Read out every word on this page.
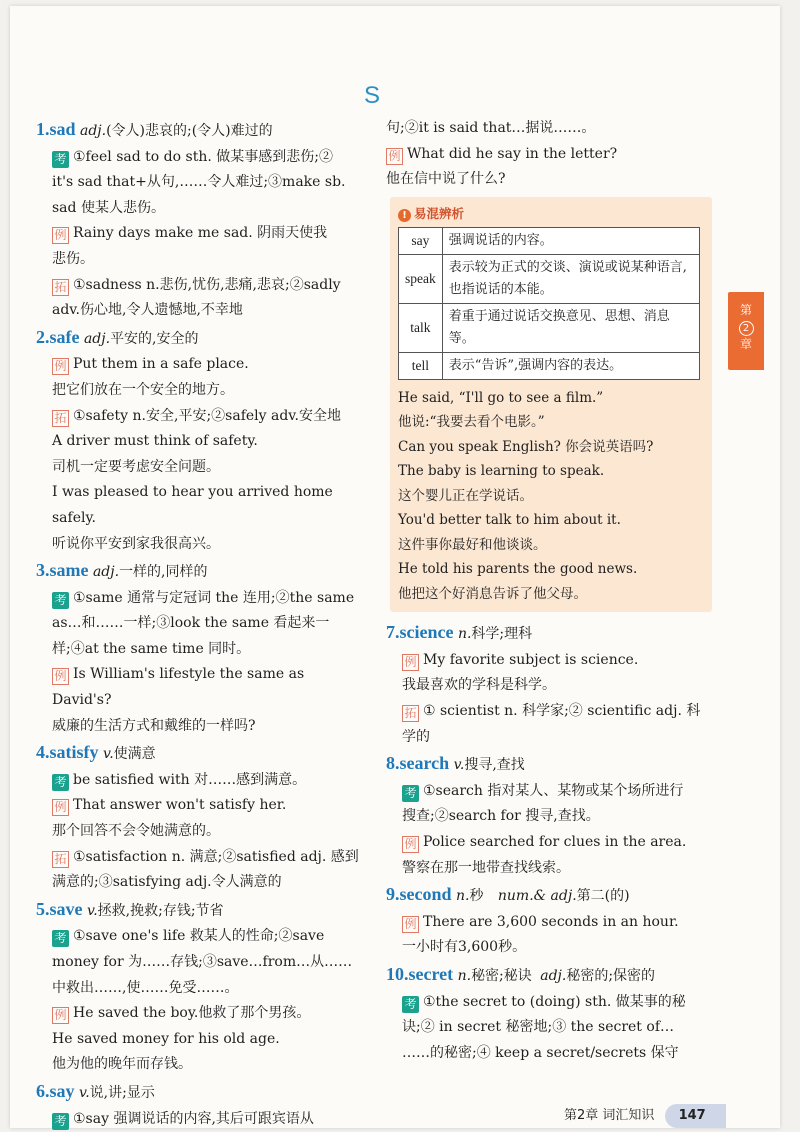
S
1.sad adj.(令人)悲哀的;(令人)难过的
考 ①feel sad to do sth. 做某事感到悲伤;②
it's sad that+从句,……令人难过;③make sb.
sad 使某人悲伤。
例 Rainy days make me sad. 阴雨天使我
悲伤。
拓 ①sadness n.悲伤,忧伤,悲痛,悲哀;②sadly
adv.伤心地,令人遗憾地,不幸地
2.safe adj.平安的,安全的
例 Put them in a safe place.
把它们放在一个安全的地方。
拓 ①safety n.安全,平安;②safely adv.安全地
A driver must think of safety.
司机一定要考虑安全问题。
I was pleased to hear you arrived home safely.
听说你平安到家我很高兴。
3.same adj.一样的,同样的
考 ①same 通常与定冠词 the 连用;②the same
as…和……一样;③look the same 看起来一
样;④at the same time 同时。
例 Is William's lifestyle the same as David's?
威廉的生活方式和戴维的一样吗?
4.satisfy v.使满意
考 be satisfied with 对……感到满意。
例 That answer won't satisfy her.
那个回答不会令她满意的。
拓 ①satisfaction n. 满意;②satisfied adj. 感到
满意的;③satisfying adj.令人满意的
5.save v.拯救,挽救;存钱;节省
考 ①save one's life 救某人的性命;②save
money for 为……存钱;③save…from…从……
中救出……,使……免受……。
例 He saved the boy.他救了那个男孩。
He saved money for his old age.
他为他的晚年而存钱。
6.say v.说,讲;显示
考 ①say 强调说话的内容,其后可跟宾语从
句;②it is said that…据说……。
例 What did he say in the letter?
他在信中说了什么?
! 易混辨析
say	强调说话的内容。
speak	表示较为正式的交谈、演说或说某种语言,也指说话的本能。
talk	着重于通过说话交换意见、思想、消息等。
tell	表示“告诉”,强调内容的表达。
He said, “I'll go to see a film.”
他说:“我要去看个电影。”
Can you speak English? 你会说英语吗?
The baby is learning to speak.
这个婴儿正在学说话。
You'd better talk to him about it.
这件事你最好和他谈谈。
He told his parents the good news.
他把这个好消息告诉了他父母。
7.science n.科学;理科
例 My favorite subject is science.
我最喜欢的学科是科学。
拓 ① scientist n. 科学家;② scientific adj. 科
学的
8.search v.搜寻,查找
考 ①search 指对某人、某物或某个场所进行
搜查;②search for 搜寻,查找。
例 Police searched for clues in the area.
警察在那一地带查找线索。
9.second n.秒 num.& adj.第二(的)
例 There are 3,600 seconds in an hour.
一小时有3,600秒。
10.secret n.秘密;秘诀 adj.秘密的;保密的
考 ①the secret to (doing) sth. 做某事的秘
诀;② in secret 秘密地;③ the secret of…
……的秘密;④ keep a secret/secrets 保守
第
2
章
第2章 词汇知识 147
